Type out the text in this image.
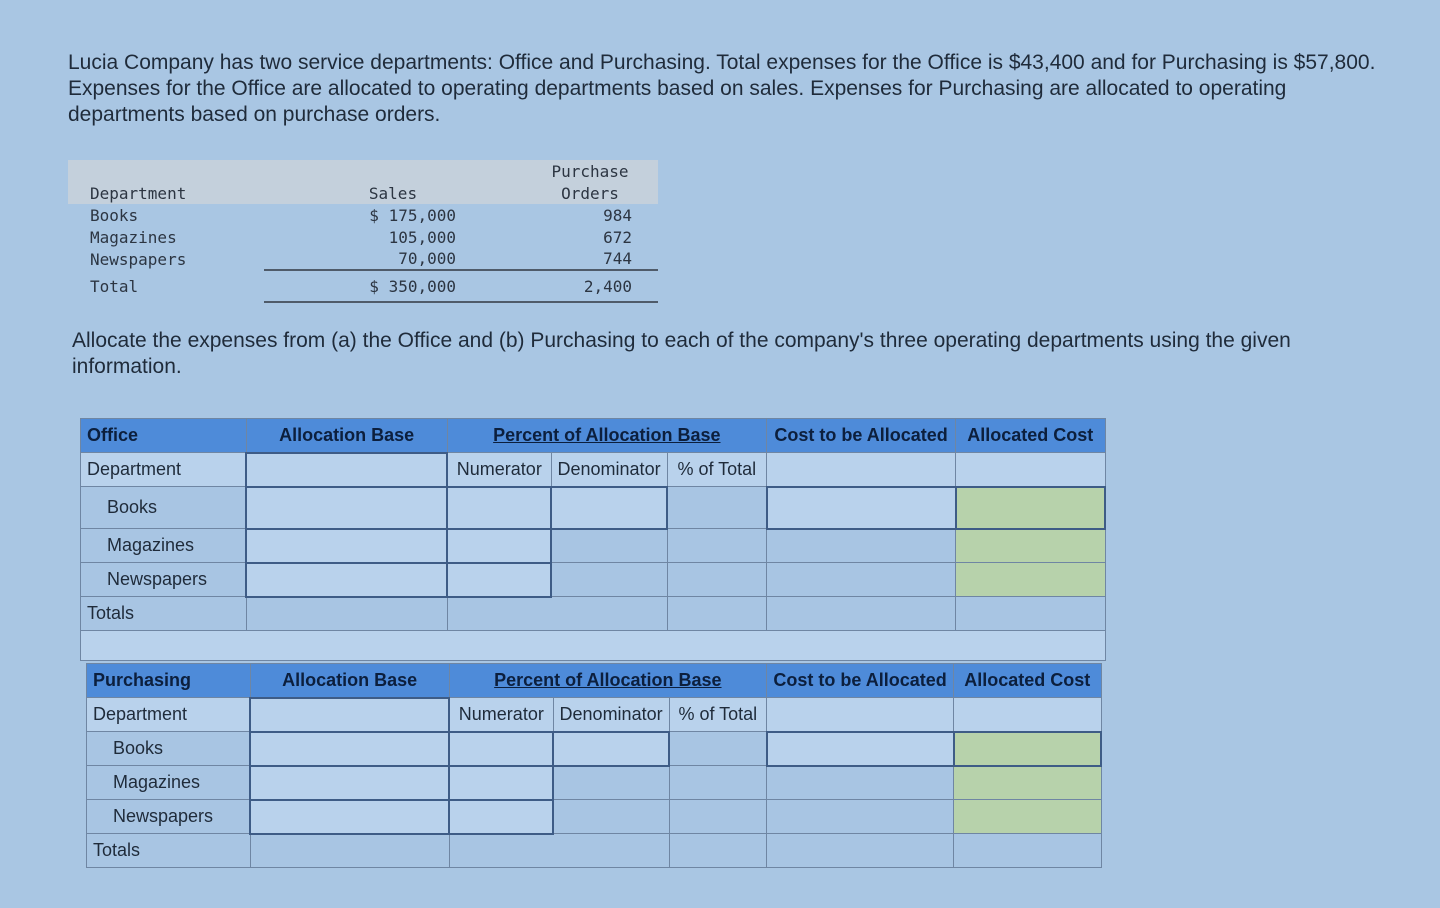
Lucia Company has two service departments: Office and Purchasing. Total expenses for the Office is $43,400 and for Purchasing is $57,800. Expenses for the Office are allocated to operating departments based on sales. Expenses for Purchasing are allocated to operating departments based on purchase orders.

		Purchase
Department	Sales	Orders
Books	$ 175,000	984
Magazines	105,000	672
Newspapers	70,000	744
Total	$ 350,000	2,400

Allocate the expenses from (a) the Office and (b) Purchasing to each of the company's three operating departments using the given information.

Office	Allocation Base	Percent of Allocation Base			Cost to be Allocated	Allocated Cost
Department		Numerator	Denominator	% of Total		
Books						
Magazines						
Newspapers						
Totals						

Purchasing	Allocation Base	Percent of Allocation Base			Cost to be Allocated	Allocated Cost
Department		Numerator	Denominator	% of Total		
Books						
Magazines						
Newspapers						
Totals						
